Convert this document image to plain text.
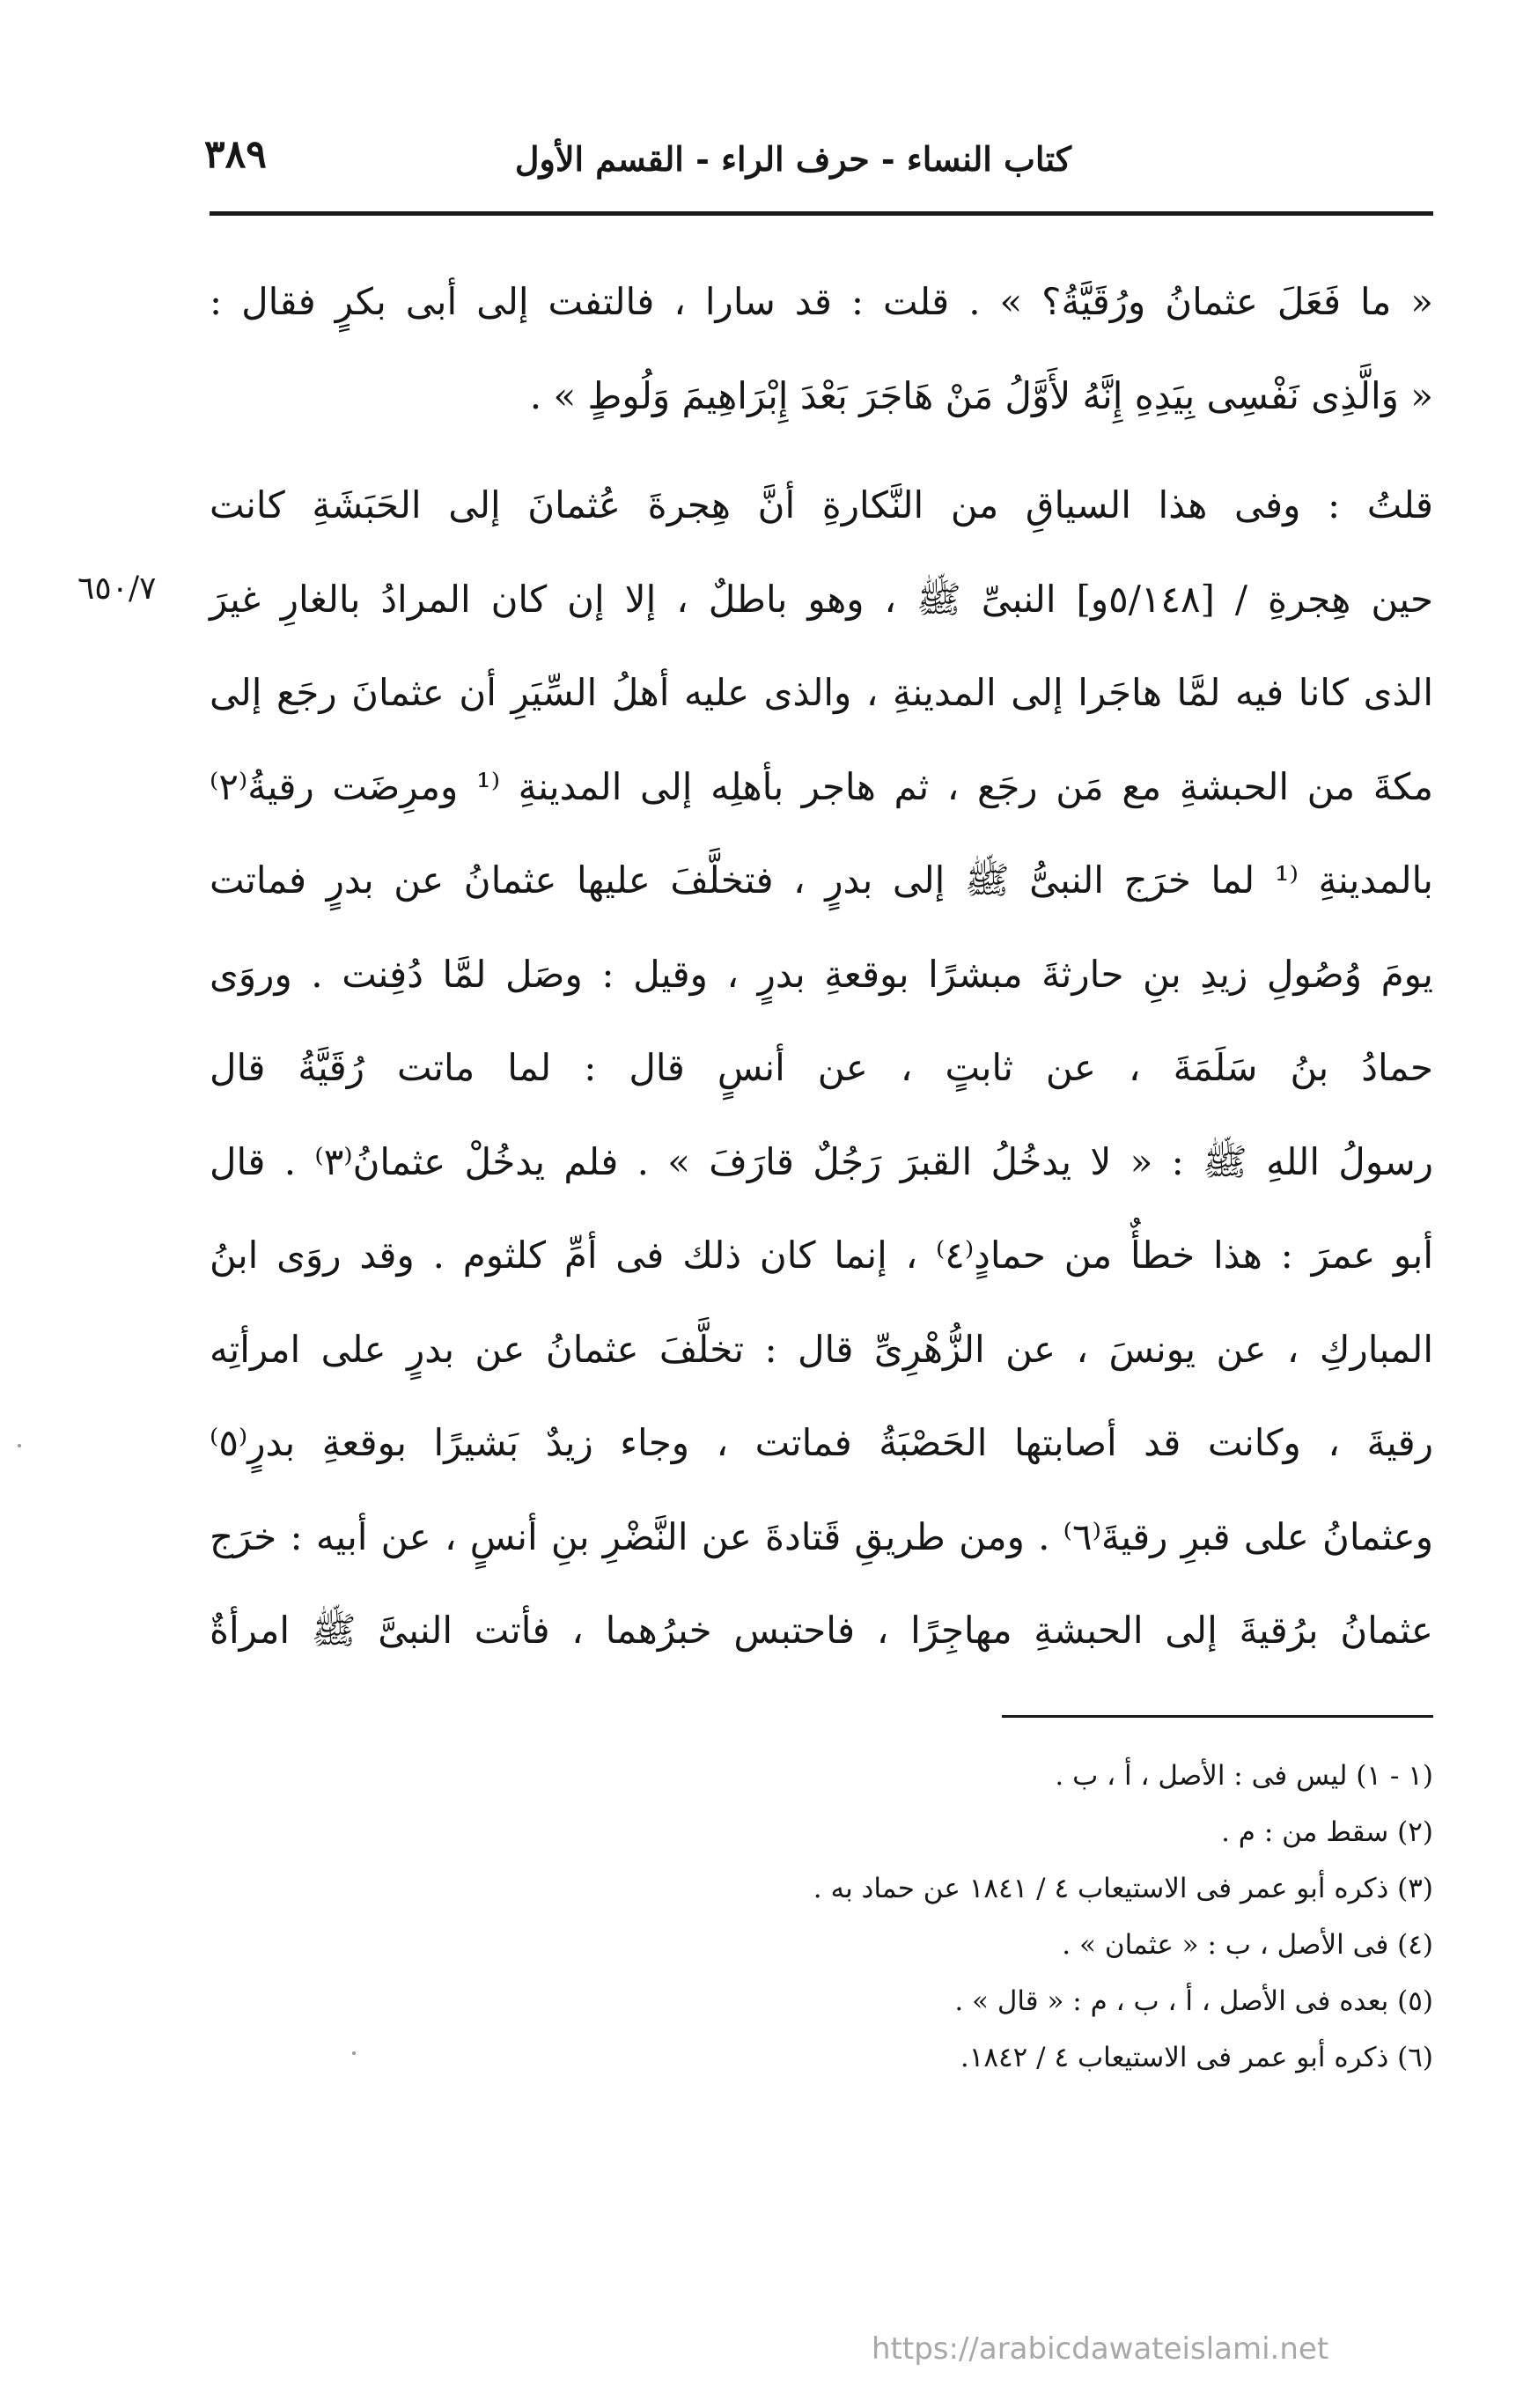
كتاب النساء - حرف الراء - القسم الأول
٣٨٩
٦٥٠/٧
« ما فَعَلَ عثمانُ ورُقَيَّةُ؟ » . قلت : قد سارا ، فالتفت إلى أبى بكرٍ فقال :
« وَالَّذِى نَفْسِى بِيَدِهِ إِنَّهُ لأَوَّلُ مَنْ هَاجَرَ بَعْدَ إِبْرَاهِيمَ وَلُوطٍ » .
قلتُ : وفى هذا السياقِ من النَّكارةِ أنَّ هِجرةَ عُثمانَ إلى الحَبَشَةِ كانت
حين هِجرةِ / [٥/١٤٨و] النبىِّ ﷺ ، وهو باطلٌ ، إلا إن كان المرادُ بالغارِ غيرَ
الذى كانا فيه لمَّا هاجَرا إلى المدينةِ ، والذى عليه أهلُ السِّيَرِ أن عثمانَ رجَع إلى
مكةَ من الحبشةِ مع مَن رجَع ، ثم هاجر بأهلِه إلى المدينةِ ⁽¹ ومرِضَت رقيةُ⁽٢⁾
بالمدينةِ ⁽¹ لما خرَج النبىُّ ﷺ إلى بدرٍ ، فتخلَّفَ عليها عثمانُ عن بدرٍ فماتت
يومَ وُصُولِ زيدِ بنِ حارثةَ مبشرًا بوقعةِ بدرٍ ، وقيل : وصَل لمَّا دُفِنت . وروَى
حمادُ بنُ سَلَمَةَ ، عن ثابتٍ ، عن أنسٍ قال : لما ماتت رُقَيَّةُ قال
رسولُ اللهِ ﷺ : « لا يدخُلُ القبرَ رَجُلٌ قارَفَ » . فلم يدخُلْ عثمانُ⁽٣⁾ . قال
أبو عمرَ : هذا خطأٌ من حمادٍ⁽٤⁾ ، إنما كان ذلك فى أمِّ كلثوم . وقد روَى ابنُ
المباركِ ، عن يونسَ ، عن الزُّهْرِىِّ قال : تخلَّفَ عثمانُ عن بدرٍ على امرأتِه
رقيةَ ، وكانت قد أصابتها الحَصْبَةُ فماتت ، وجاء زيدٌ بَشيرًا بوقعةِ بدرٍ⁽٥⁾
وعثمانُ على قبرِ رقيةَ⁽٦⁾ . ومن طريقِ قَتادةَ عن النَّضْرِ بنِ أنسٍ ، عن أبيه : خرَج
عثمانُ برُقيةَ إلى الحبشةِ مهاجِرًا ، فاحتبس خبرُهما ، فأتت النبىَّ ﷺ امرأةٌ
(١ - ١) ليس فى : الأصل ، أ ، ب .
(٢) سقط من : م .
(٣) ذكره أبو عمر فى الاستيعاب ٤ / ١٨٤١ عن حماد به .
(٤) فى الأصل ، ب : « عثمان » .
(٥) بعده فى الأصل ، أ ، ب ، م : « قال » .
(٦) ذكره أبو عمر فى الاستيعاب ٤ / ١٨٤٢.
https://arabicdawateislami.net
